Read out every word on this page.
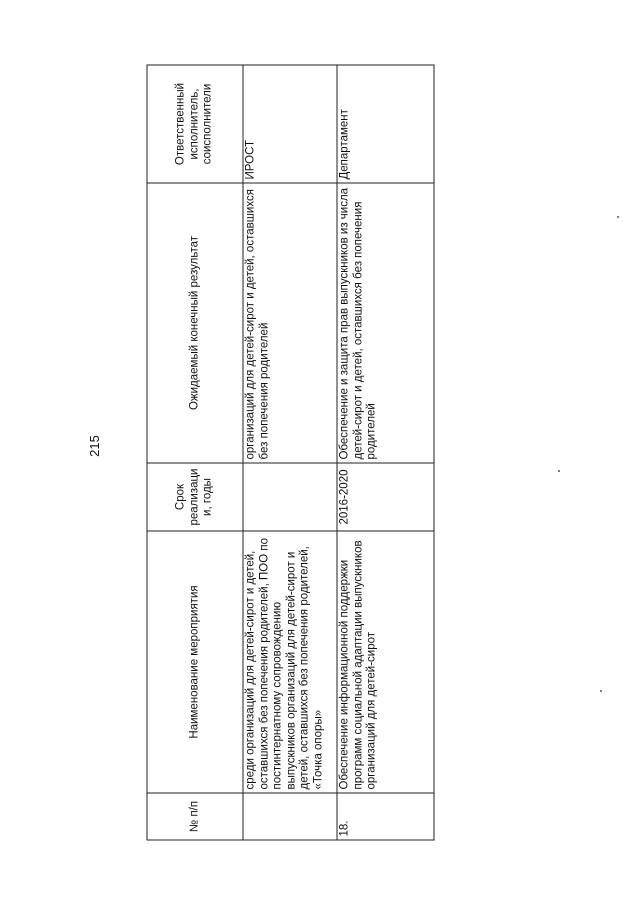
215
№ п/п	Наименование мероприятия	Срок реализации, годы	Ожидаемый конечный результат	Ответственный исполнитель, соисполнители
	среди организаций для детей-сирот и детей, оставшихся без попечения родителей, ПОО по постинтернатному сопровождению выпускников организаций для детей-сирот и детей, оставшихся без попечения родителей, «Точка опоры»		организаций для детей-сирот и детей, оставшихся без попечения родителей	ИРОСТ
18.	Обеспечение информационной поддержки программ социальной адаптации выпускников организаций для детей-сирот	2016-2020	Обеспечение и защита прав выпускников из числа детей-сирот и детей, оставшихся без попечения родителей	Департамент
